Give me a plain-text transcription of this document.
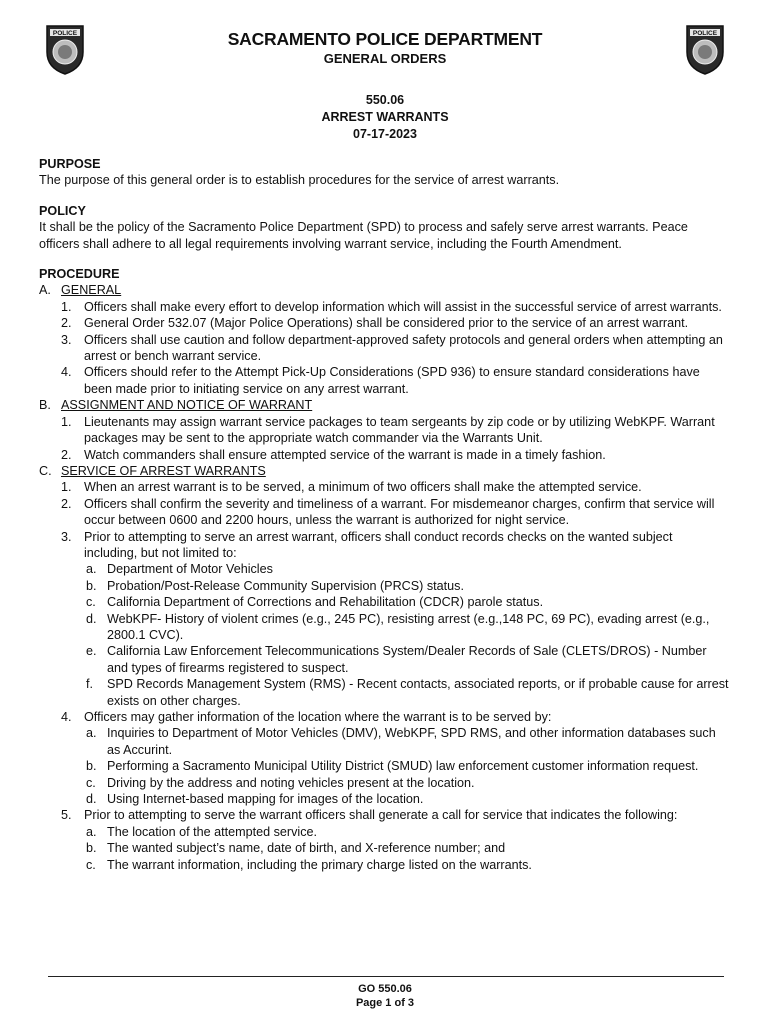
POLICE	POLICE
SACRAMENTO POLICE DEPARTMENT
GENERAL ORDERS
550.06
ARREST WARRANTS
07-17-2023

PURPOSE

The purpose of this general order is to establish procedures for the service of arrest warrants.

POLICY

It shall be the policy of the Sacramento Police Department (SPD) to process and safely serve arrest warrants. Peace officers shall adhere to all legal requirements involving warrant service, including the Fourth Amendment.

PROCEDURE

A. GENERAL
1. Officers shall make every effort to develop information which will assist in the successful service of arrest warrants.
2. General Order 532.07 (Major Police Operations) shall be considered prior to the service of an arrest warrant.
3. Officers shall use caution and follow department-approved safety protocols and general orders when attempting an arrest or bench warrant service.
4. Officers should refer to the Attempt Pick-Up Considerations (SPD 936) to ensure standard considerations have been made prior to initiating service on any arrest warrant.
B. ASSIGNMENT AND NOTICE OF WARRANT
1. Lieutenants may assign warrant service packages to team sergeants by zip code or by utilizing WebKPF. Warrant packages may be sent to the appropriate watch commander via the Warrants Unit.
2. Watch commanders shall ensure attempted service of the warrant is made in a timely fashion.
C. SERVICE OF ARREST WARRANTS
1. When an arrest warrant is to be served, a minimum of two officers shall make the attempted service.
2. Officers shall confirm the severity and timeliness of a warrant. For misdemeanor charges, confirm that service will occur between 0600 and 2200 hours, unless the warrant is authorized for night service.
3. Prior to attempting to serve an arrest warrant, officers shall conduct records checks on the wanted subject including, but not limited to:
a. Department of Motor Vehicles
b. Probation/Post-Release Community Supervision (PRCS) status.
c. California Department of Corrections and Rehabilitation (CDCR) parole status.
d. WebKPF- History of violent crimes (e.g., 245 PC), resisting arrest (e.g.,148 PC, 69 PC), evading arrest (e.g., 2800.1 CVC).
e. California Law Enforcement Telecommunications System/Dealer Records of Sale (CLETS/DROS) - Number and types of firearms registered to suspect.
f. SPD Records Management System (RMS) - Recent contacts, associated reports, or if probable cause for arrest exists on other charges.
4. Officers may gather information of the location where the warrant is to be served by:
a. Inquiries to Department of Motor Vehicles (DMV), WebKPF, SPD RMS, and other information databases such as Accurint.
b. Performing a Sacramento Municipal Utility District (SMUD) law enforcement customer information request.
c. Driving by the address and noting vehicles present at the location.
d. Using Internet-based mapping for images of the location.
5. Prior to attempting to serve the warrant officers shall generate a call for service that indicates the following:
a. The location of the attempted service.
b. The wanted subject’s name, date of birth, and X-reference number; and
c. The warrant information, including the primary charge listed on the warrants.
GO 550.06
Page 1 of 3
